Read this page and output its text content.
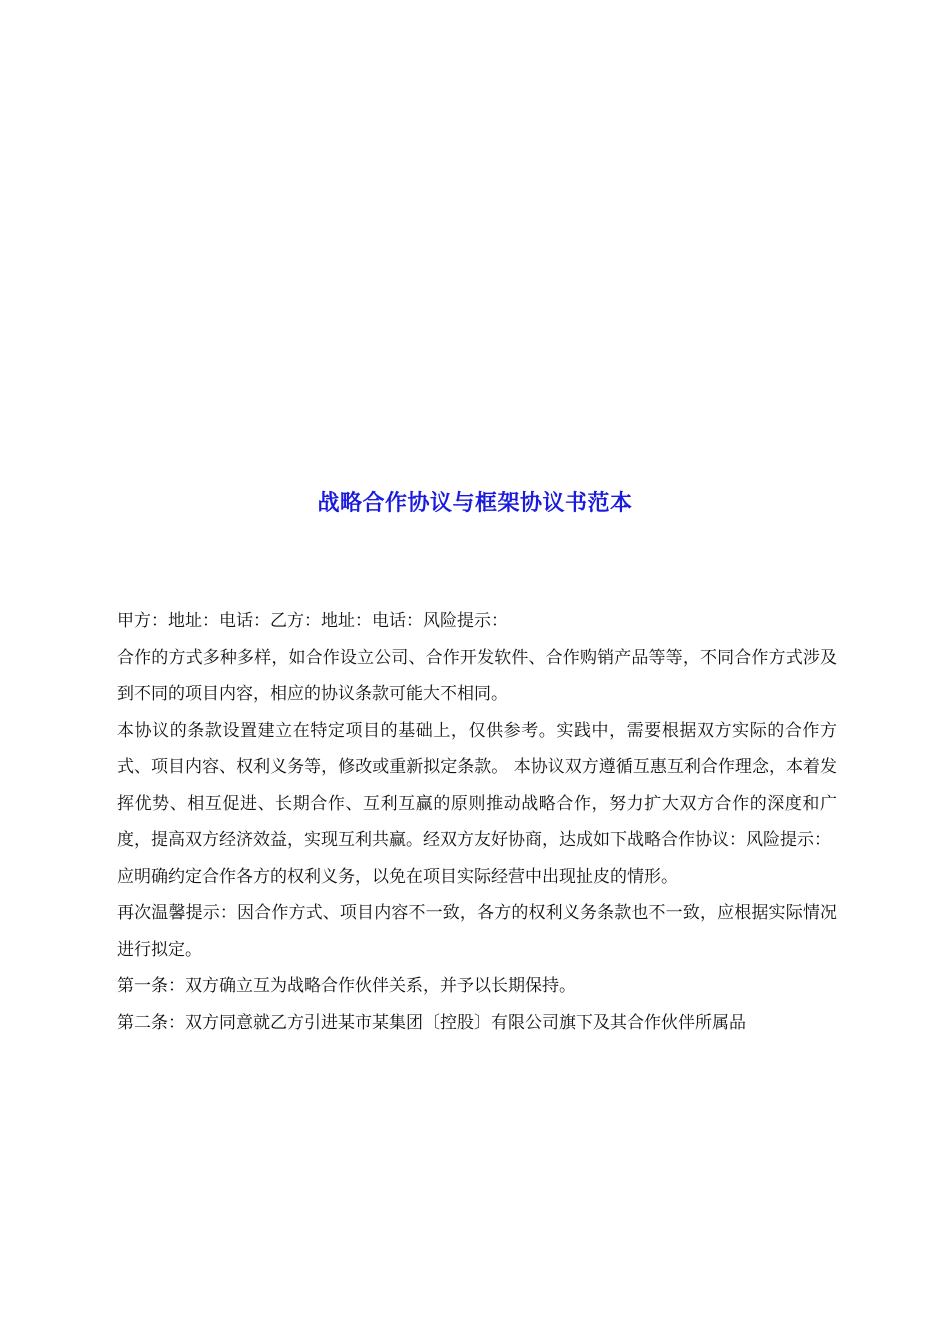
战略合作协议与框架协议书范本

甲方：地址：电话：乙方：地址：电话：风险提示：

合作的方式多种多样，如合作设立公司、合作开发软件、合作购销产品等等，不同合作方式涉及到不同的项目内容，相应的协议条款可能大不相同。

本协议的条款设置建立在特定项目的基础上，仅供参考。实践中，需要根据双方实际的合作方式、项目内容、权利义务等，修改或重新拟定条款。 本协议双方遵循互惠互利合作理念，本着发挥优势、相互促进、长期合作、互利互赢的原则推动战略合作，努力扩大双方合作的深度和广度，提高双方经济效益，实现互利共赢。经双方友好协商，达成如下战略合作协议：风险提示：

应明确约定合作各方的权利义务，以免在项目实际经营中出现扯皮的情形。

再次温馨提示：因合作方式、项目内容不一致，各方的权利义务条款也不一致，应根据实际情况进行拟定。

第一条：双方确立互为战略合作伙伴关系，并予以长期保持。

第二条：双方同意就乙方引进某市某集团〔控股〕有限公司旗下及其合作伙伴所属品
